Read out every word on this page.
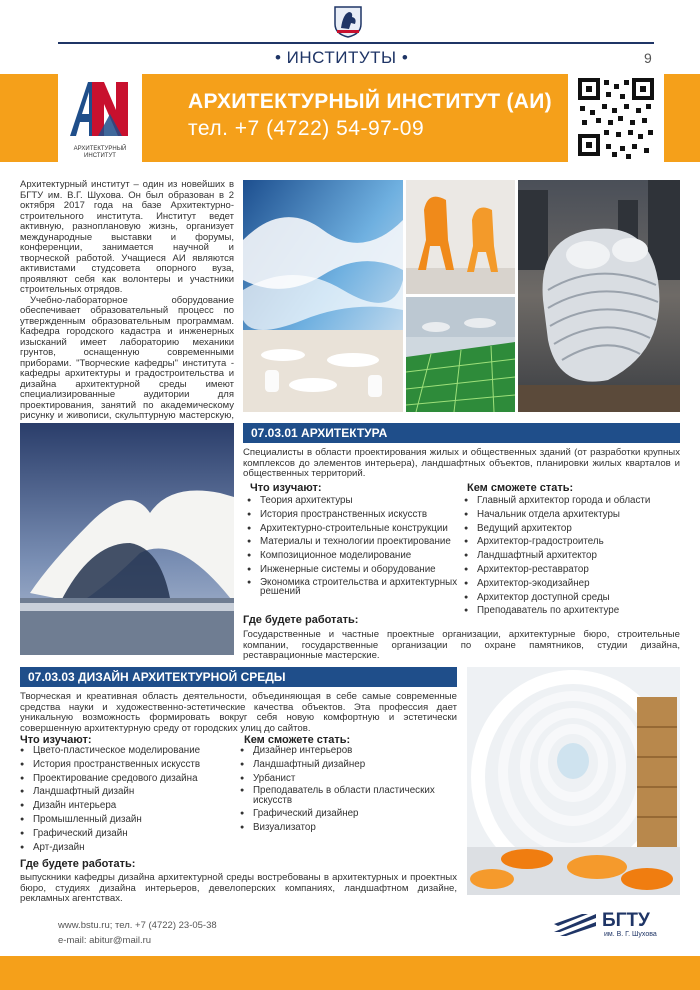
• ИНСТИТУТЫ •	9
АРХИТЕКТУРНЫЙ ИНСТИТУТ
АРХИТЕКТУРНЫЙ ИНСТИТУТ (АИ)
тел. +7 (4722) 54-97-09

Архитектурный институт – один из новейших в БГТУ им. В.Г. Шухова. Он был образован в 2 октября 2017 года на базе Архитектурно-строительного института. Институт ведет активную, разноплановую жизнь, организует международные выставки и форумы, конференции, занимается научной и творческой работой. Учащиеся АИ являются активистами студсовета опорного вуза, проявляют себя как волонтеры и участники строительных отрядов.

Учебно-лабораторное оборудование обеспечивает образовательный процесс по утвержденным образовательным программам. Кафедра городского кадастра и инженерных изысканий имеет лабораторию механики грунтов, оснащенную современными приборами. "Творческие кафедры" института - кафедры архитектуры и градостроительства и дизайна архитектурной среды имеют специализированные аудитории для проектирования, занятий по академическому рисунку и живописи, скульптурную мастерскую,

07.03.01 АРХИТЕКТУРА
Специалисты в области проектирования жилых и общественных зданий (от разработки крупных комплексов до элементов интерьера), ландшафтных объектов, планировки жилых кварталов и общественных территорий.
Что изучают:
● Теория архитектуры
● История пространственных искусств
● Архитектурно-строительные конструкции
● Материалы и технологии проектирование
● Композиционное моделирование
● Инженерные системы и оборудование
● Экономика строительства и архитектурных решений
Кем сможете стать:
● Главный архитектор города и области
● Начальник отдела архитектуры
● Ведущий архитектор
● Архитектор-градостроитель
● Ландшафтный архитектор
● Архитектор-реставратор
● Архитектор-экодизайнер
● Архитектор доступной среды
● Преподаватель по архитектуре
Где будете работать:
Государственные и частные проектные организации, архитектурные бюро, строительные компании, государственные организации по охране памятников, студии дизайна, реставрационные мастерские.
07.03.03 ДИЗАЙН АРХИТЕКТУРНОЙ СРЕДЫ
Творческая и креативная область деятельности, объединяющая в себе самые современные средства науки и художественно-эстетические качества объектов. Эта профессия дает уникальную возможность формировать вокруг себя новую комфортную и эстетически совершенную архитектурную среду от городских улиц до сайтов.
Что изучают:
● Цвето-пластическое моделирование
● История пространственных искусств
● Проектирование средового дизайна
● Ландшафтный дизайн
● Дизайн интерьера
● Промышленный дизайн
● Графический дизайн
● Арт-дизайн
Кем сможете стать:
● Дизайнер интерьеров
● Ландшафтный дизайнер
● Урбанист
● Преподаватель в области пластических искусств
● Графический дизайнер
● Визуализатор
Где будете работать:
выпускники кафедры дизайна архитектурной среды востребованы в архитектурных и проектных бюро, студиях дизайна интерьеров, девелоперских компаниях, ландшафтном дизайне, рекламных агентствах.
www.bstu.ru; тел. +7 (4722) 23-05-38
e-mail: abitur@mail.ru
БГТУ
им. В. Г. Шухова
